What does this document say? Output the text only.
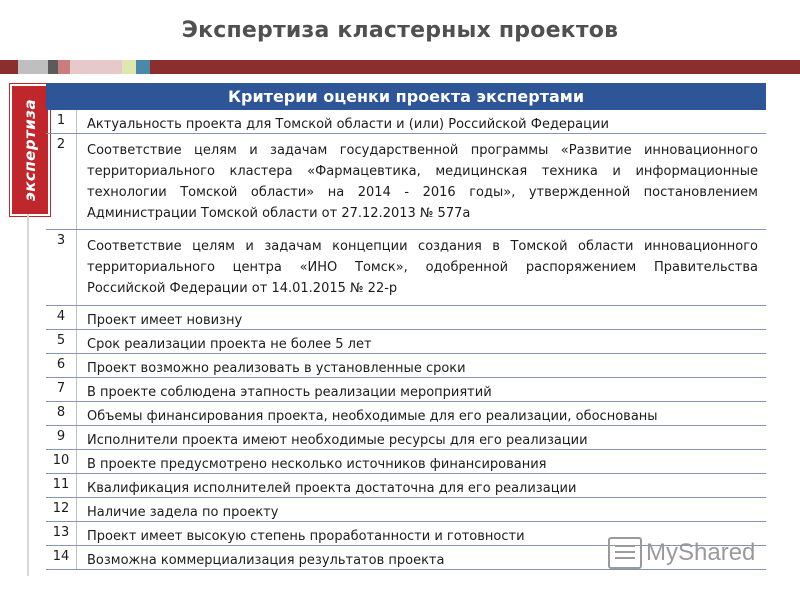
Экспертиза кластерных проектов
экспертиза
Критерии оценки проекта экспертами
1	Актуальность проекта для Томской области и (или) Российской Федерации
2	Соответствие целям и задачам государственной программы «Развитие инновационного территориального кластера «Фармацевтика, медицинская техника и информационные технологии Томской области» на 2014 - 2016 годы», утвержденной постановлением Администрации Томской области от 27.12.2013 № 577а
3	Соответствие целям и задачам концепции создания в Томской области инновационного территориального центра «ИНО Томск», одобренной распоряжением Правительства Российской Федерации от 14.01.2015 № 22-р
4	Проект имеет новизну
5	Срок реализации проекта не более 5 лет
6	Проект возможно реализовать в установленные сроки
7	В проекте соблюдена этапность реализации мероприятий
8	Объемы финансирования проекта, необходимые для его реализации, обоснованы
9	Исполнители проекта имеют необходимые ресурсы для его реализации
10	В проекте предусмотрено несколько источников финансирования
11	Квалификация исполнителей проекта достаточна для его реализации
12	Наличие задела по проекту
13	Проект имеет высокую степень проработанности и готовности
14	Возможна коммерциализация результатов проекта	MyShared
